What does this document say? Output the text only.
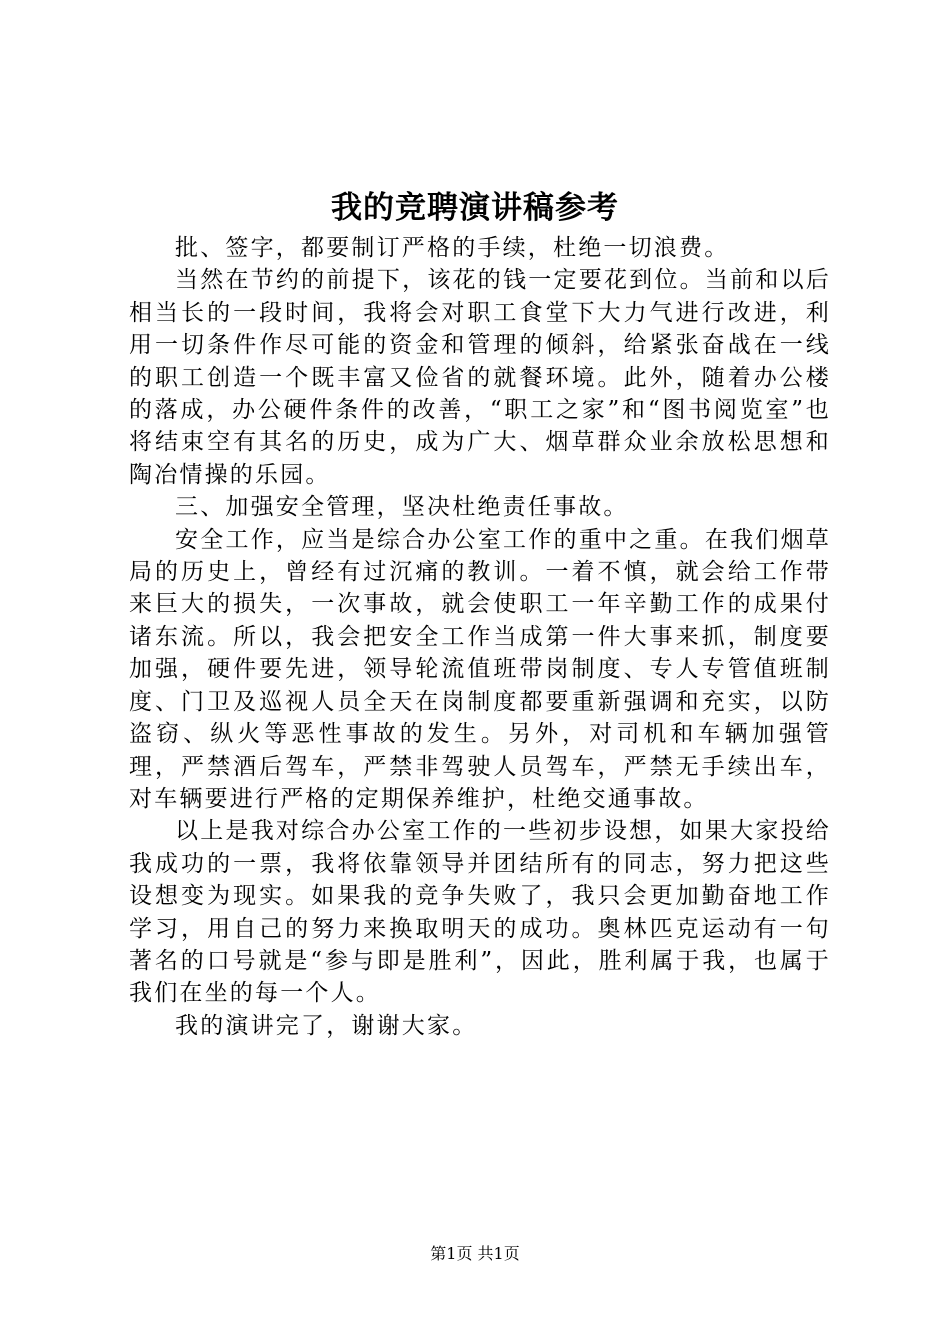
我的竞聘演讲稿参考

批、签字，都要制订严格的手续，杜绝一切浪费。

当然在节约的前提下，该花的钱一定要花到位。当前和以后相当长的一段时间，我将会对职工食堂下大力气进行改进，利用一切条件作尽可能的资金和管理的倾斜，给紧张奋战在一线的职工创造一个既丰富又俭省的就餐环境。此外，随着办公楼的落成，办公硬件条件的改善，“职工之家”和“图书阅览室”也将结束空有其名的历史，成为广大、烟草群众业余放松思想和陶冶情操的乐园。

三、加强安全管理，坚决杜绝责任事故。

安全工作，应当是综合办公室工作的重中之重。在我们烟草局的历史上，曾经有过沉痛的教训。一着不慎，就会给工作带来巨大的损失，一次事故，就会使职工一年辛勤工作的成果付诸东流。所以，我会把安全工作当成第一件大事来抓，制度要加强，硬件要先进，领导轮流值班带岗制度、专人专管值班制度、门卫及巡视人员全天在岗制度都要重新强调和充实，以防盗窃、纵火等恶性事故的发生。另外，对司机和车辆加强管理，严禁酒后驾车，严禁非驾驶人员驾车，严禁无手续出车，对车辆要进行严格的定期保养维护，杜绝交通事故。

以上是我对综合办公室工作的一些初步设想，如果大家投给我成功的一票，我将依靠领导并团结所有的同志，努力把这些设想变为现实。如果我的竞争失败了，我只会更加勤奋地工作学习，用自己的努力来换取明天的成功。奥林匹克运动有一句著名的口号就是“参与即是胜利”，因此，胜利属于我，也属于我们在坐的每一个人。

我的演讲完了，谢谢大家。

第1页 共1页
